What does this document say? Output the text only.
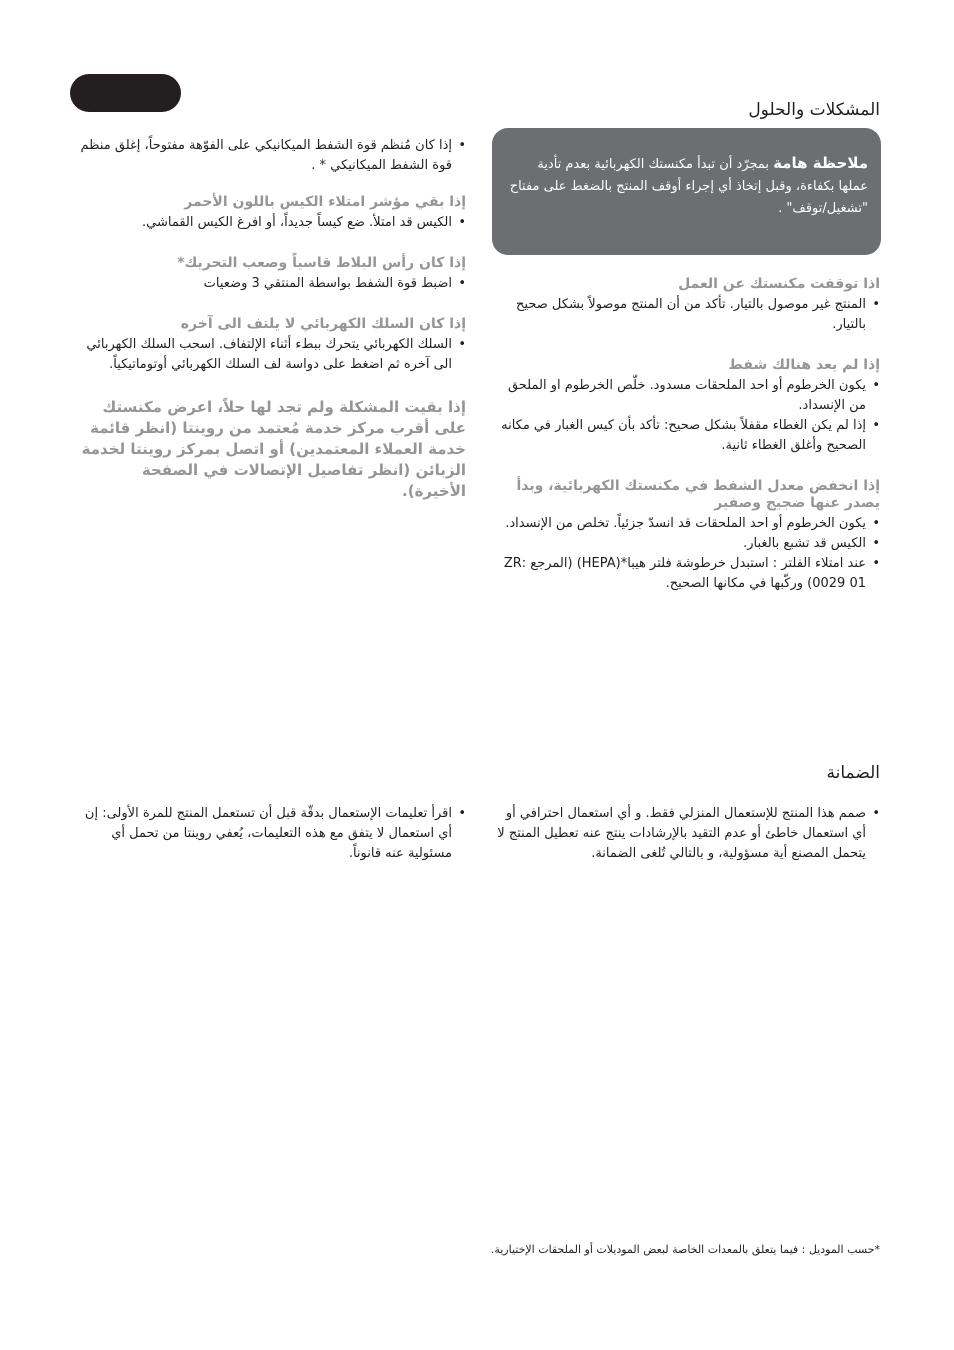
المشكلات والحلول
ملاحظة هامة بمجرّد أن تبدأ مكنستك الكهربائية بعدم تأدية عملها بكفاءة، وقبل إتخاذ أي إجراء أوقف المنتج بالضغط على مفتاح "تشغيل/توقف" .

اذا توقفت مكنستك عن العمل

• المنتج غير موصول بالتيار. تأكد من أن المنتج موصولاً بشكل صحيح بالتيار.

إذا لم يعد هنالك شفط

• يكون الخرطوم أو احد الملحقات مسدود. خلّص الخرطوم او الملحق من الإنسداد.
• إذا لم يكن الغطاء مقفلاً بشكل صحيح: تأكد بأن كيس الغبار في مكانه الصحيح وأغلق الغطاء ثانية.

إذا انخفض معدل الشفط في مكنستك الكهربائية، وبدأ يصدر عنها ضجيج وصفير

• يكون الخرطوم أو احد الملحقات قد انسدّ جزئياً. تخلص من الإنسداد.
• الكيس قد تشبع بالغبار.
• عند امتلاء الفلتر : استبدل خرطوشة فلتر هيبا*(HEPA) (المرجع :ZR 0029 01) وركّبها في مكانها الصحيح.
• إذا كان مُنظم قوة الشفط الميكانيكي على الفوّهة مفتوحاً، إغلق منظم قوة الشفط الميكانيكي * .

إذا بقي مؤشر امتلاء الكيس باللون الأحمر

• الكيس قد امتلأ. ضع كيساً جديداً، أو افرغ الكيس القماشي.

إذا كان رأس البلاط قاسياً وصعب التحريك*

• اضبط قوة الشفط بواسطة المنتقي 3 وضعيات

إذا كان السلك الكهربائي لا يلتف الى آخره

• السلك الكهربائي يتحرك ببطء أثناء الإلتفاف. اسحب السلك الكهربائي الى آخره ثم اضغط على دواسة لف السلك الكهربائي أوتوماتيكياً.
إذا بقيت المشكلة ولم تجد لها حلاً، اعرض مكنستك على أقرب مركز خدمة مُعتمد من روينتا (انظر قائمة خدمة العملاء المعتمدين) أو اتصل بمركز روينتا لخدمة الزبائن (انظر تفاصيل الإتصالات في الصفحة الأخيرة).
الضمانة
• صمم هذا المنتج للإستعمال المنزلي فقط. و أي استعمال احترافي أو أي استعمال خاطئ أو عدم التقيد بالإرشادات ينتج عنه تعطيل المنتج لا يتحمل المصنع أية مسؤولية، و بالتالي تُلغى الضمانة.
• اقرأ تعليمات الإستعمال بدقّة قبل أن تستعمل المنتج للمرة الأولى: إن أي استعمال لا يتفق مع هذه التعليمات، يُعفي روينتا من تحمل أي مسئولية عنه قانوناً.
*حسب الموديل : فيما يتعلق بالمعدات الخاصة لبعض الموديلات أو الملحقات الإختيارية.
